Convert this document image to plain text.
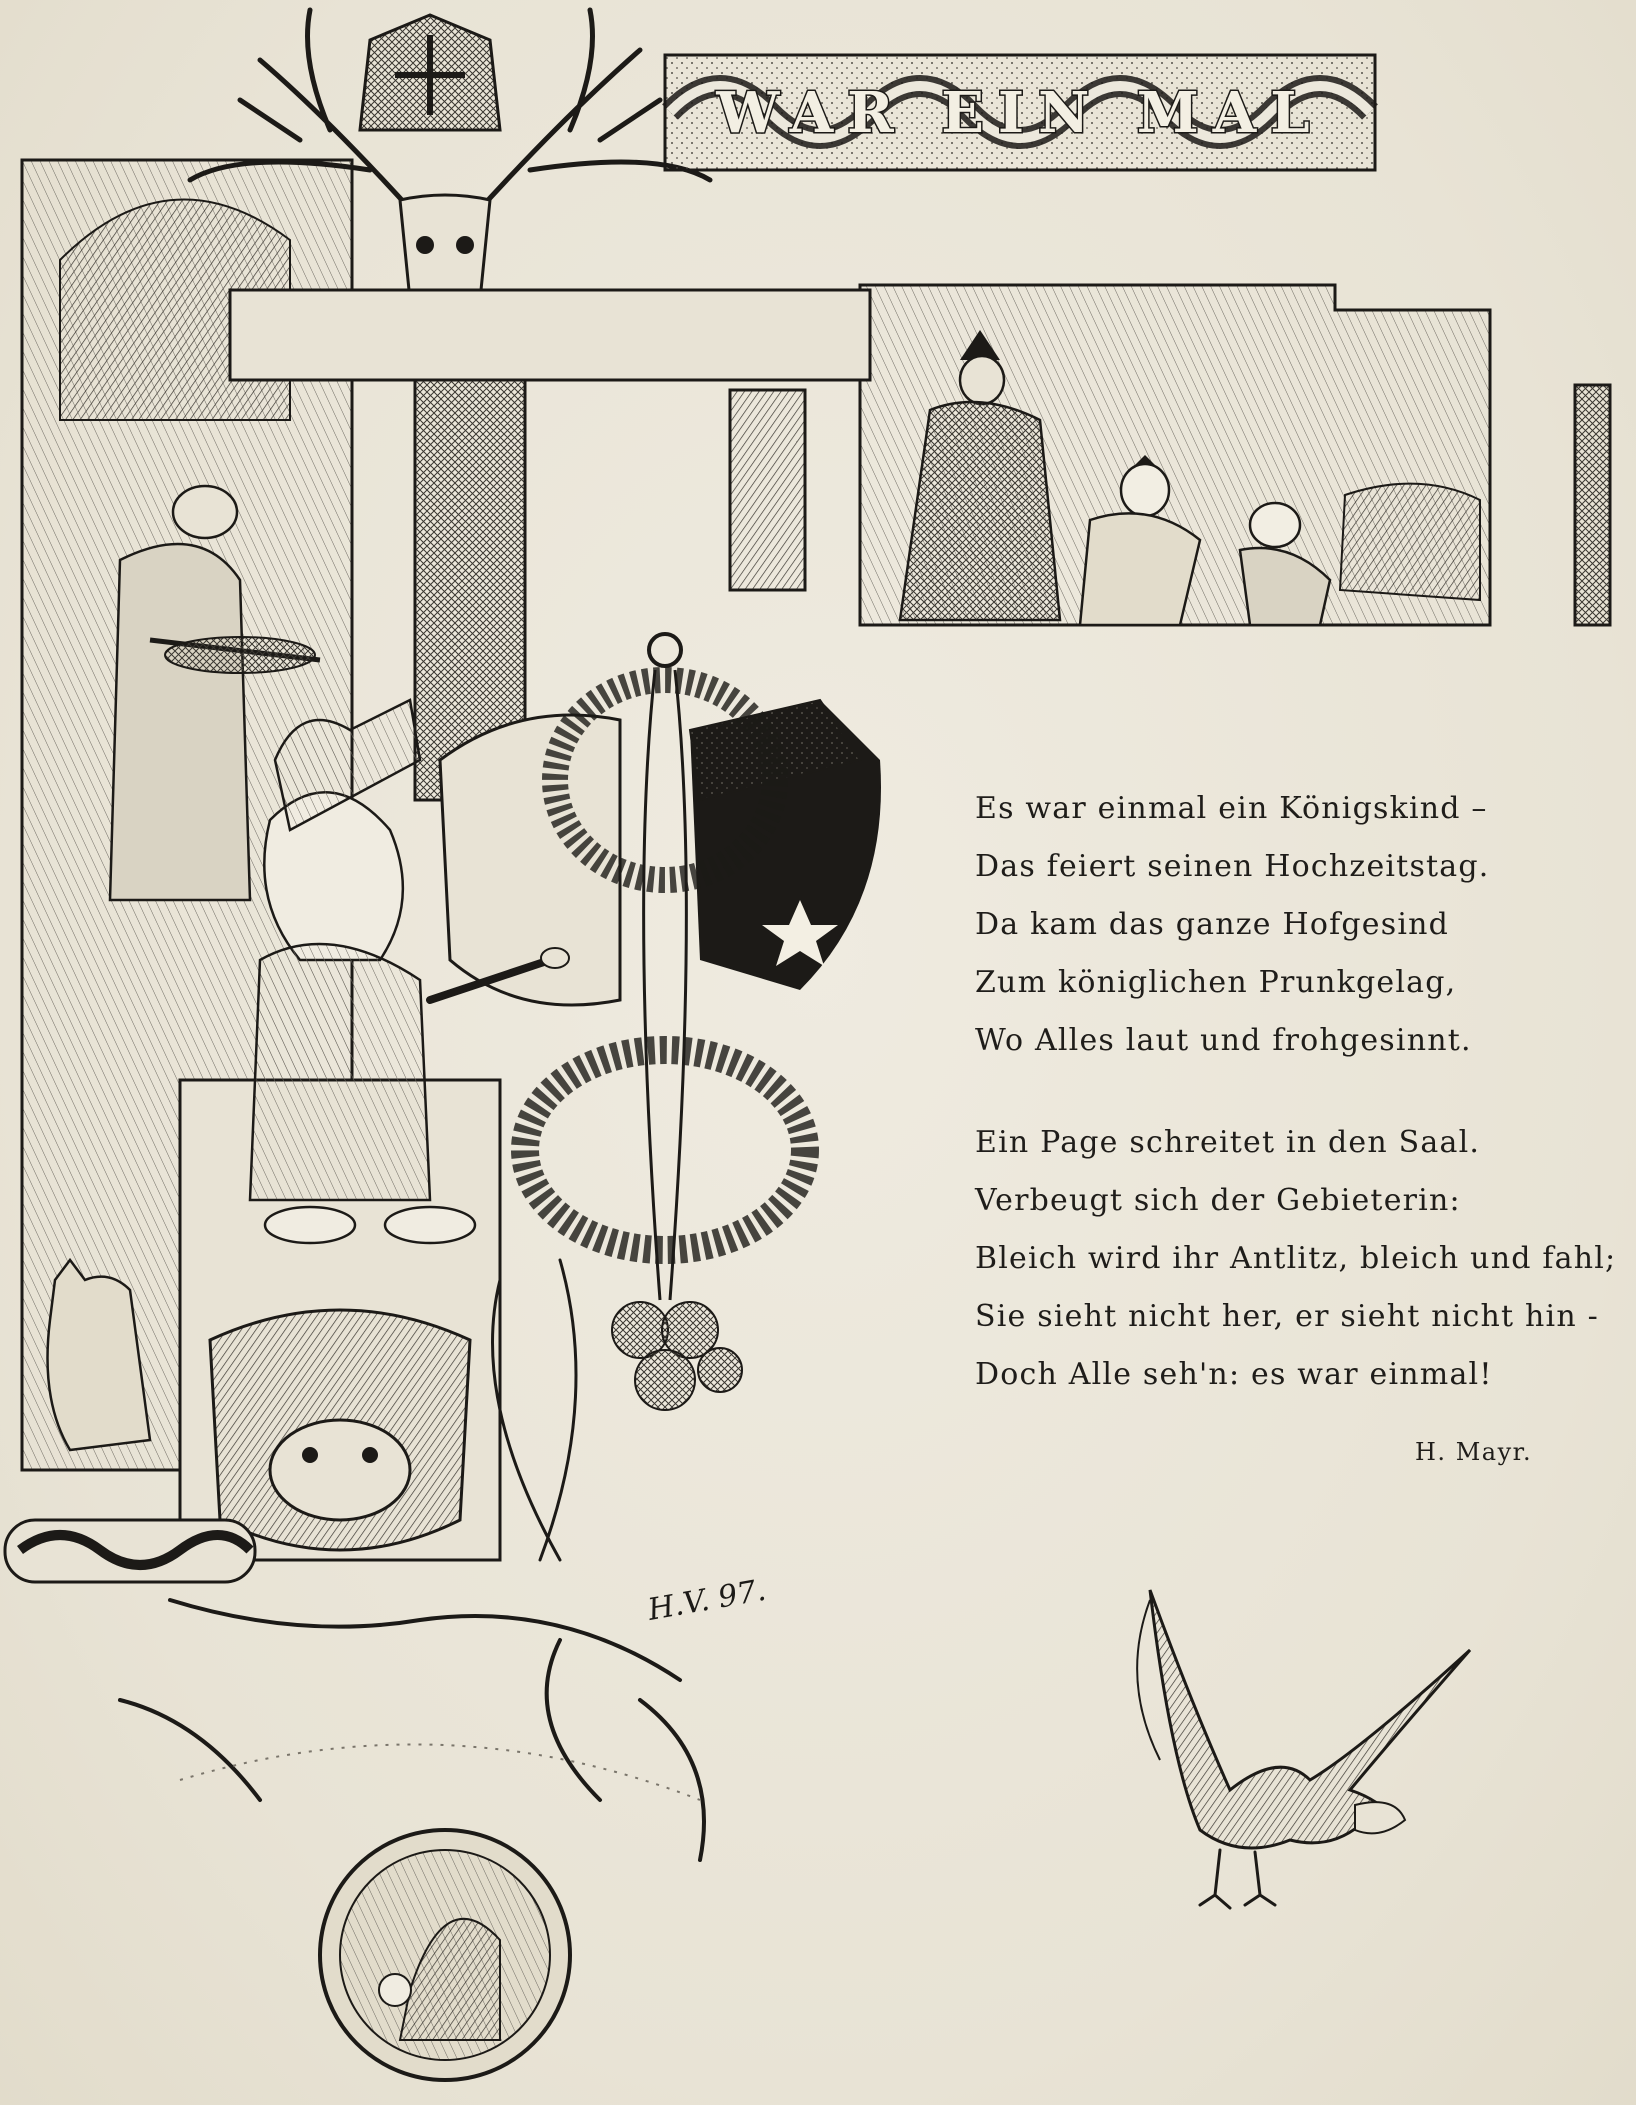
WAR EIN MAL
H.V. 97.
Es war einmal ein Königskind –
Das feiert seinen Hochzeitstag.
Da kam das ganze Hofgesind
Zum königlichen Prunkgelag,
Wo Alles laut und frohgesinnt.
Ein Page schreitet in den Saal.
Verbeugt sich der Gebieterin:
Bleich wird ihr Antlitz, bleich und fahl;
Sie sieht nicht her, er sieht nicht hin -
Doch Alle seh'n: es war einmal!
H. Mayr.
